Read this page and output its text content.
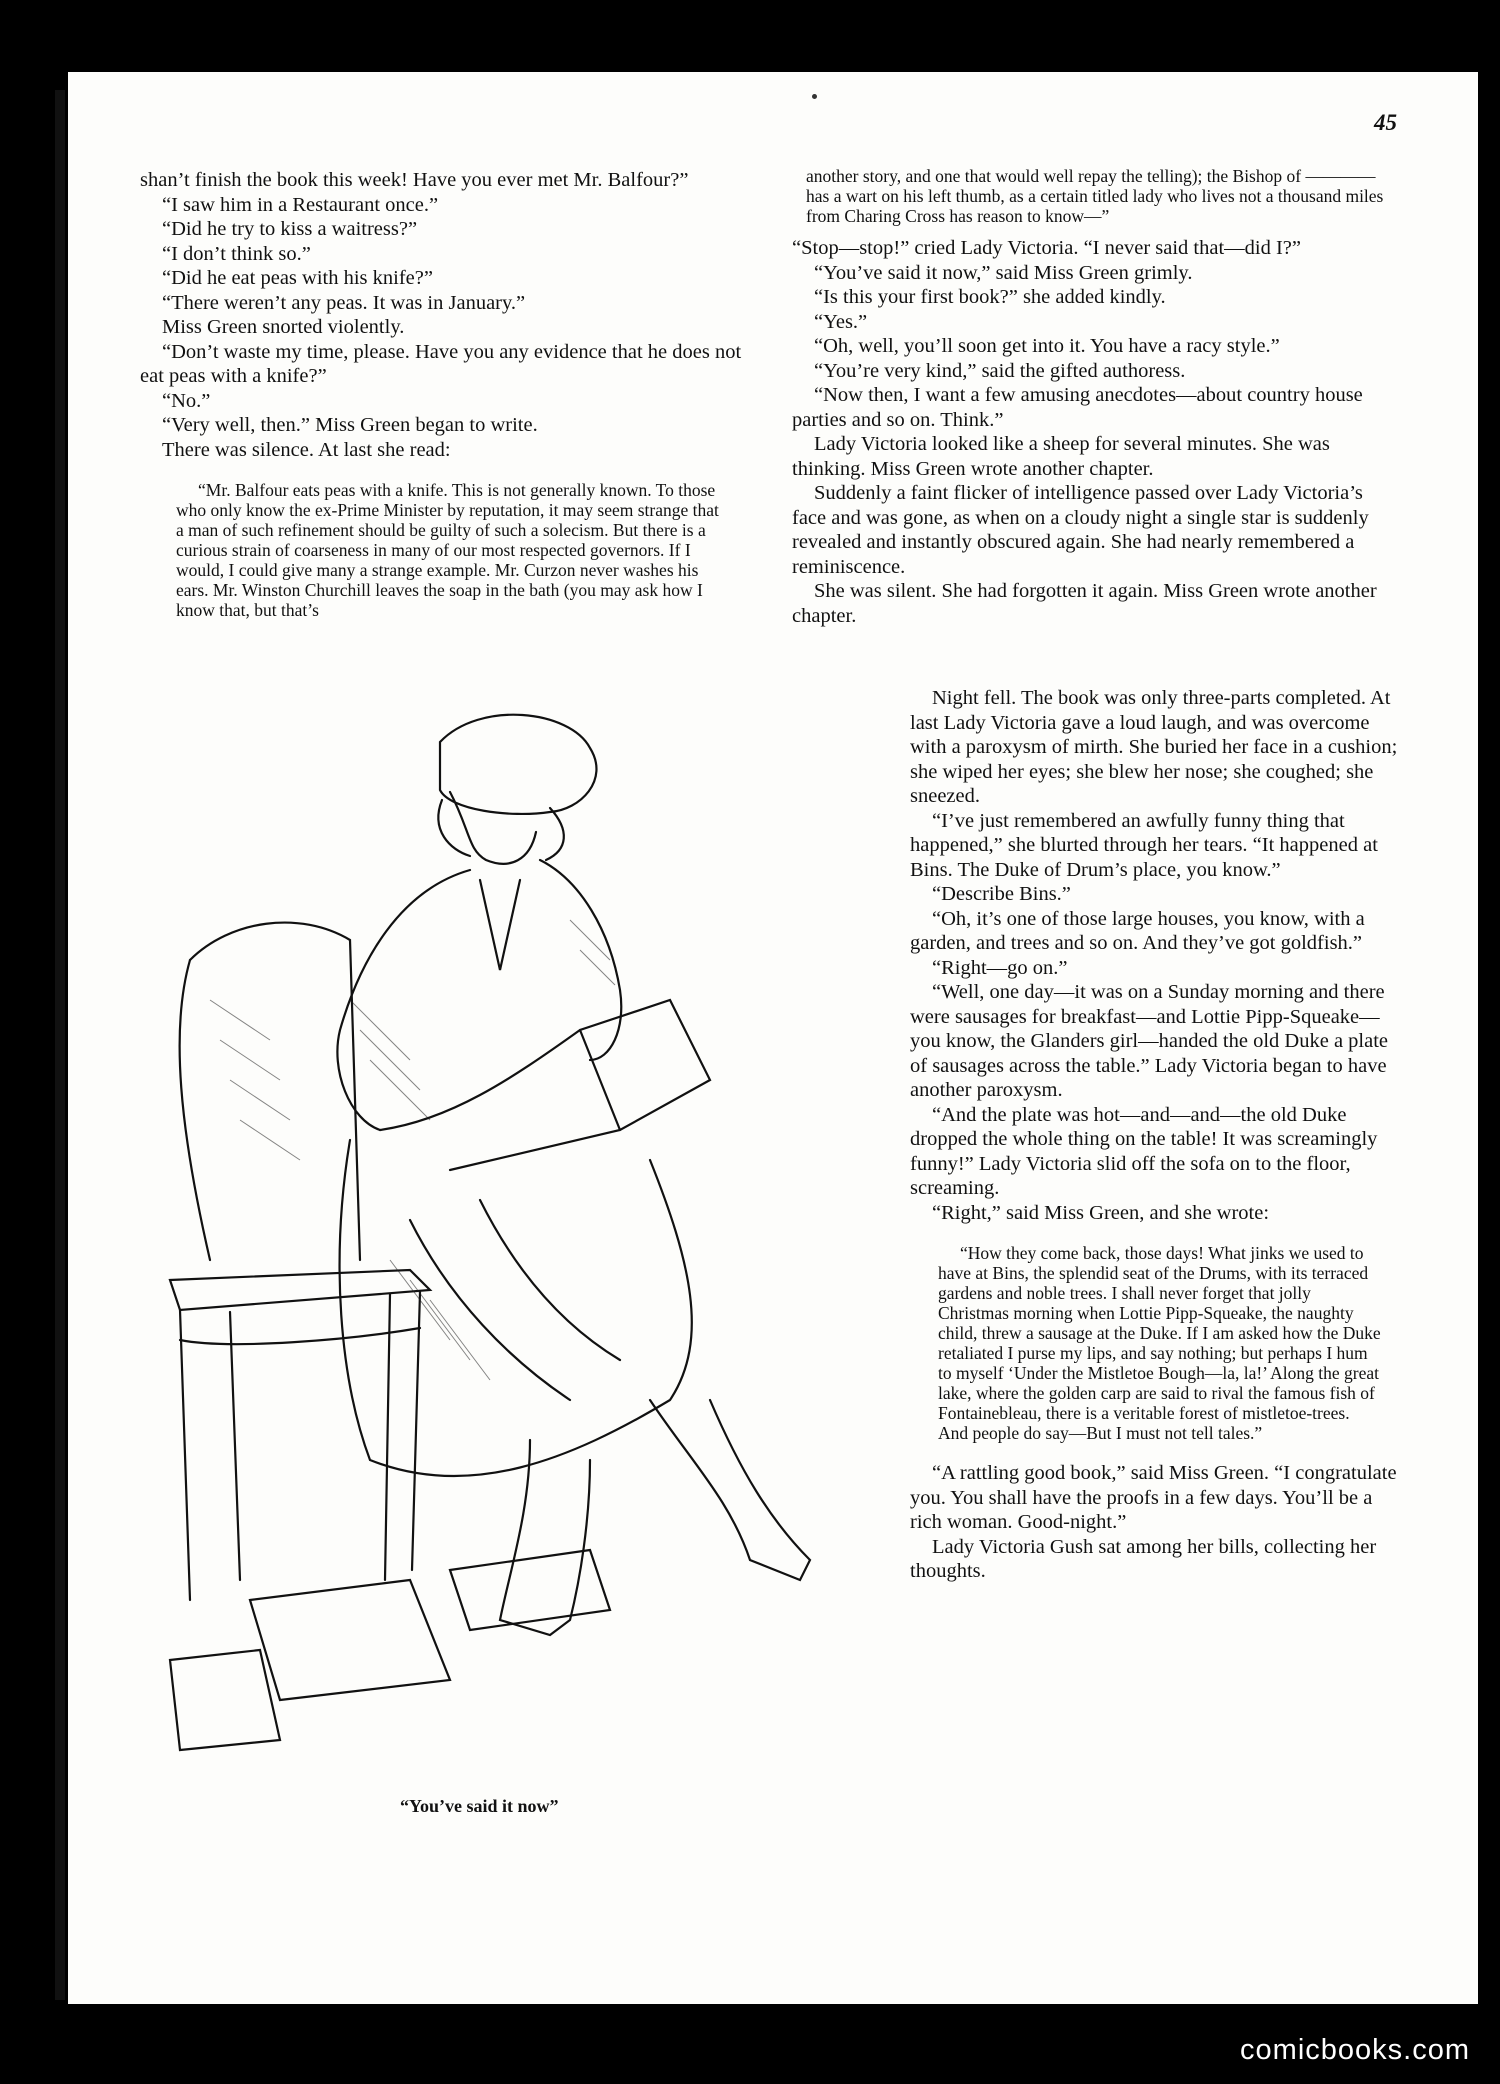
45

shan’t finish the book this week! Have you ever met Mr. Balfour?”

“I saw him in a Restaurant once.”

“Did he try to kiss a waitress?”

“I don’t think so.”

“Did he eat peas with his knife?”

“There weren’t any peas. It was in January.”

Miss Green snorted violently.

“Don’t waste my time, please. Have you any evidence that he does not eat peas with a knife?”

“No.”

“Very well, then.” Miss Green began to write.

There was silence. At last she read:

“Mr. Balfour eats peas with a knife. This is not generally known. To those who only know the ex-Prime Minister by reputation, it may seem strange that a man of such refinement should be guilty of such a solecism. But there is a curious strain of coarseness in many of our most respected governors. If I would, I could give many a strange example. Mr. Curzon never washes his ears. Mr. Winston Churchill leaves the soap in the bath (you may ask how I know that, but that’s

“You’ve said it now”

another story, and one that would well repay the telling); the Bishop of ———— has a wart on his left thumb, as a certain titled lady who lives not a thousand miles from Charing Cross has reason to know—”

“Stop—stop!” cried Lady Victoria. “I never said that—did I?”

“You’ve said it now,” said Miss Green grimly.

“Is this your first book?” she added kindly.

“Yes.”

“Oh, well, you’ll soon get into it. You have a racy style.”

“You’re very kind,” said the gifted authoress.

“Now then, I want a few amusing anecdotes—about country house parties and so on. Think.”

Lady Victoria looked like a sheep for several minutes. She was thinking. Miss Green wrote another chapter.

Suddenly a faint flicker of intelligence passed over Lady Victoria’s face and was gone, as when on a cloudy night a single star is suddenly revealed and instantly obscured again. She had nearly remembered a reminiscence.

She was silent. She had forgotten it again. Miss Green wrote another chapter.

Night fell. The book was only three-parts completed. At last Lady Victoria gave a loud laugh, and was overcome with a paroxysm of mirth. She buried her face in a cushion; she wiped her eyes; she blew her nose; she coughed; she sneezed.

“I’ve just remembered an awfully funny thing that happened,” she blurted through her tears. “It happened at Bins. The Duke of Drum’s place, you know.”

“Describe Bins.”

“Oh, it’s one of those large houses, you know, with a garden, and trees and so on. And they’ve got goldfish.”

“Right—go on.”

“Well, one day—it was on a Sunday morning and there were sausages for breakfast—and Lottie Pipp-Squeake—you know, the Glanders girl—handed the old Duke a plate of sausages across the table.” Lady Victoria began to have another paroxysm.

“And the plate was hot—and—and—the old Duke dropped the whole thing on the table! It was screamingly funny!” Lady Victoria slid off the sofa on to the floor, screaming.

“Right,” said Miss Green, and she wrote:

“How they come back, those days! What jinks we used to have at Bins, the splendid seat of the Drums, with its terraced gardens and noble trees. I shall never forget that jolly Christmas morning when Lottie Pipp-Squeake, the naughty child, threw a sausage at the Duke. If I am asked how the Duke retaliated I purse my lips, and say nothing; but perhaps I hum to myself ‘Under the Mistletoe Bough—la, la!’ Along the great lake, where the golden carp are said to rival the famous fish of Fontainebleau, there is a veritable forest of mistletoe-trees. And people do say—But I must not tell tales.”

“A rattling good book,” said Miss Green. “I congratulate you. You shall have the proofs in a few days. You’ll be a rich woman. Good-night.”

Lady Victoria Gush sat among her bills, collecting her thoughts.

comicbooks.com
